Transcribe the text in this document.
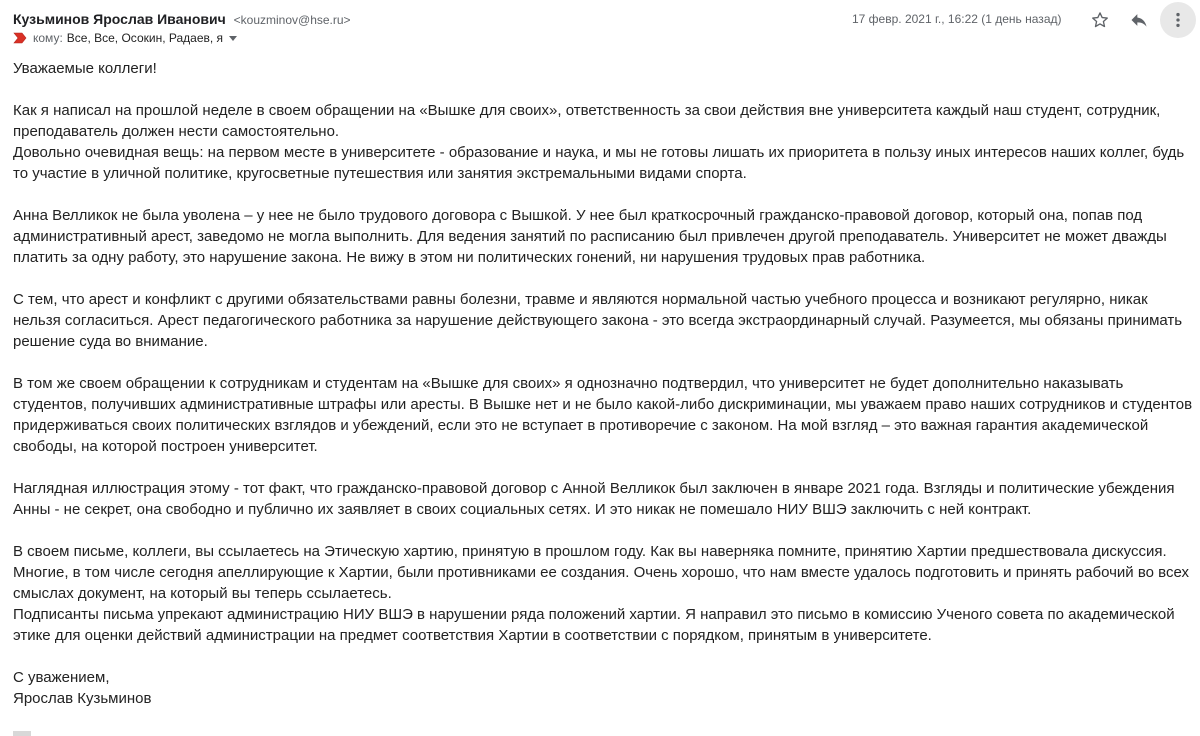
Кузьминов Ярослав Иванович <kouzminov@hse.ru>
кому: Все, Все, Осокин, Радаев, я
17 февр. 2021 г., 16:22 (1 день назад)
Уважаемые коллеги!
Как я написал на прошлой неделе в своем обращении на «Вышке для своих», ответственность за свои действия вне университета каждый наш студент, сотрудник,
преподаватель должен нести самостоятельно.
Довольно очевидная вещь: на первом месте в университете - образование и наука, и мы не готовы лишать их приоритета в пользу иных интересов наших коллег, будь
то участие в уличной политике, кругосветные путешествия или занятия экстремальными видами спорта.
Анна Велликок не была уволена – у нее не было трудового договора с Вышкой. У нее был краткосрочный гражданско-правовой договор, который она, попав под
административный арест, заведомо не могла выполнить. Для ведения занятий по расписанию был привлечен другой преподаватель. Университет не может дважды
платить за одну работу, это нарушение закона. Не вижу в этом ни политических гонений, ни нарушения трудовых прав работника.
С тем, что арест и конфликт с другими обязательствами равны болезни, травме и являются нормальной частью учебного процесса и возникают регулярно, никак
нельзя согласиться. Арест педагогического работника за нарушение действующего закона - это всегда экстраординарный случай. Разумеется, мы обязаны принимать
решение суда во внимание.
В том же своем обращении к сотрудникам и студентам на «Вышке для своих» я однозначно подтвердил, что университет не будет дополнительно наказывать
студентов, получивших административные штрафы или аресты. В Вышке нет и не было какой-либо дискриминации, мы уважаем право наших сотрудников и студентов
придерживаться своих политических взглядов и убеждений, если это не вступает в противоречие с законом. На мой взгляд – это важная гарантия академической
свободы, на которой построен университет.
Наглядная иллюстрация этому - тот факт, что гражданско-правовой договор с Анной Велликок был заключен в январе 2021 года. Взгляды и политические убеждения
Анны - не секрет, она свободно и публично их заявляет в своих социальных сетях. И это никак не помешало НИУ ВШЭ заключить с ней контракт.
В своем письме, коллеги, вы ссылаетесь на Этическую хартию, принятую в прошлом году. Как вы наверняка помните, принятию Хартии предшествовала дискуссия.
Многие, в том числе сегодня апеллирующие к Хартии, были противниками ее создания. Очень хорошо, что нам вместе удалось подготовить и принять рабочий во всех
смыслах документ, на который вы теперь ссылаетесь.
Подписанты письма упрекают администрацию НИУ ВШЭ в нарушении ряда положений хартии. Я направил это письмо в комиссию Ученого совета по академической
этике для оценки действий администрации на предмет соответствия Хартии в соответствии с порядком, принятым в университете.
С уважением,
Ярослав Кузьминов
